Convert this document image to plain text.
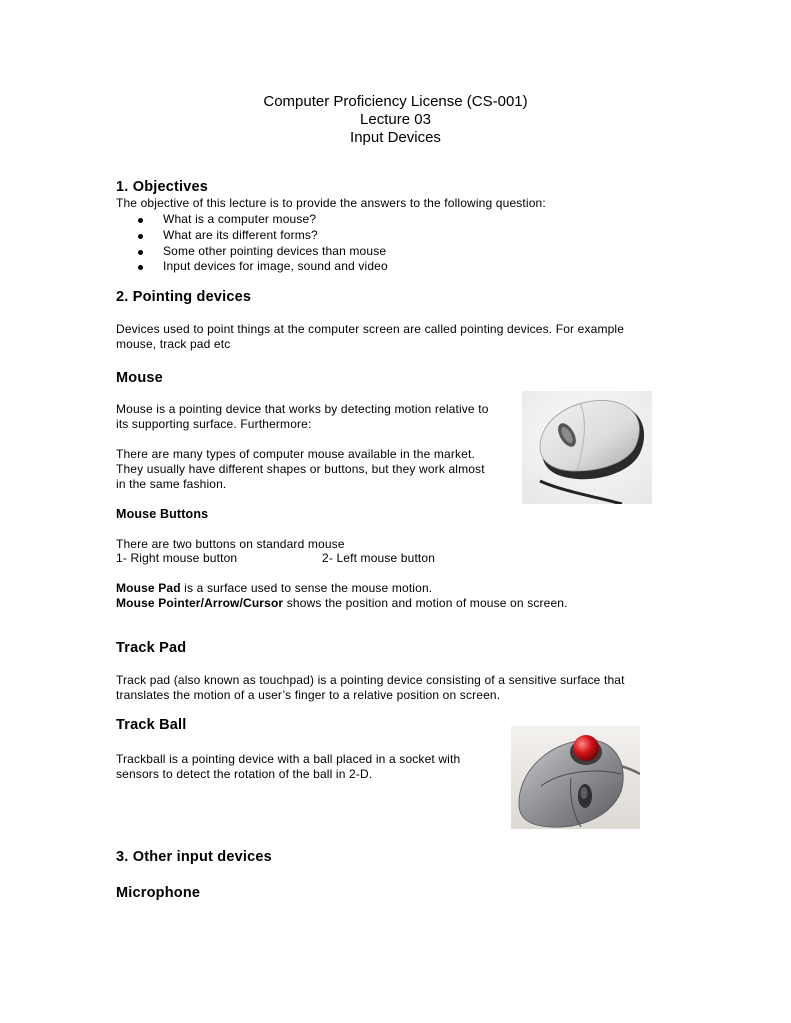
Computer Proficiency License (CS-001)
Lecture 03
Input Devices
1. Objectives
The objective of this lecture is to provide the answers to the following question:
What is a computer mouse?
What are its different forms?
Some other pointing devices than mouse
Input devices for image, sound and video
2. Pointing devices
Devices used to point things at the computer screen are called pointing devices. For example
mouse, track pad etc
Mouse
Mouse is a pointing device that works by detecting motion relative to
its supporting surface. Furthermore:
There are many types of computer mouse available in the market.
They usually have different shapes or buttons, but they work almost
in the same fashion.
Mouse Buttons
There are two buttons on standard mouse
1- Right mouse button	2- Left mouse button
Mouse Pad is a surface used to sense the mouse motion.
Mouse Pointer/Arrow/Cursor shows the position and motion of mouse on screen.
Track Pad
Track pad (also known as touchpad) is a pointing device consisting of a sensitive surface that
translates the motion of a user’s finger to a relative position on screen.
Track Ball
Trackball is a pointing device with a ball placed in a socket with
sensors to detect the rotation of the ball in 2-D.
3. Other input devices
Microphone
